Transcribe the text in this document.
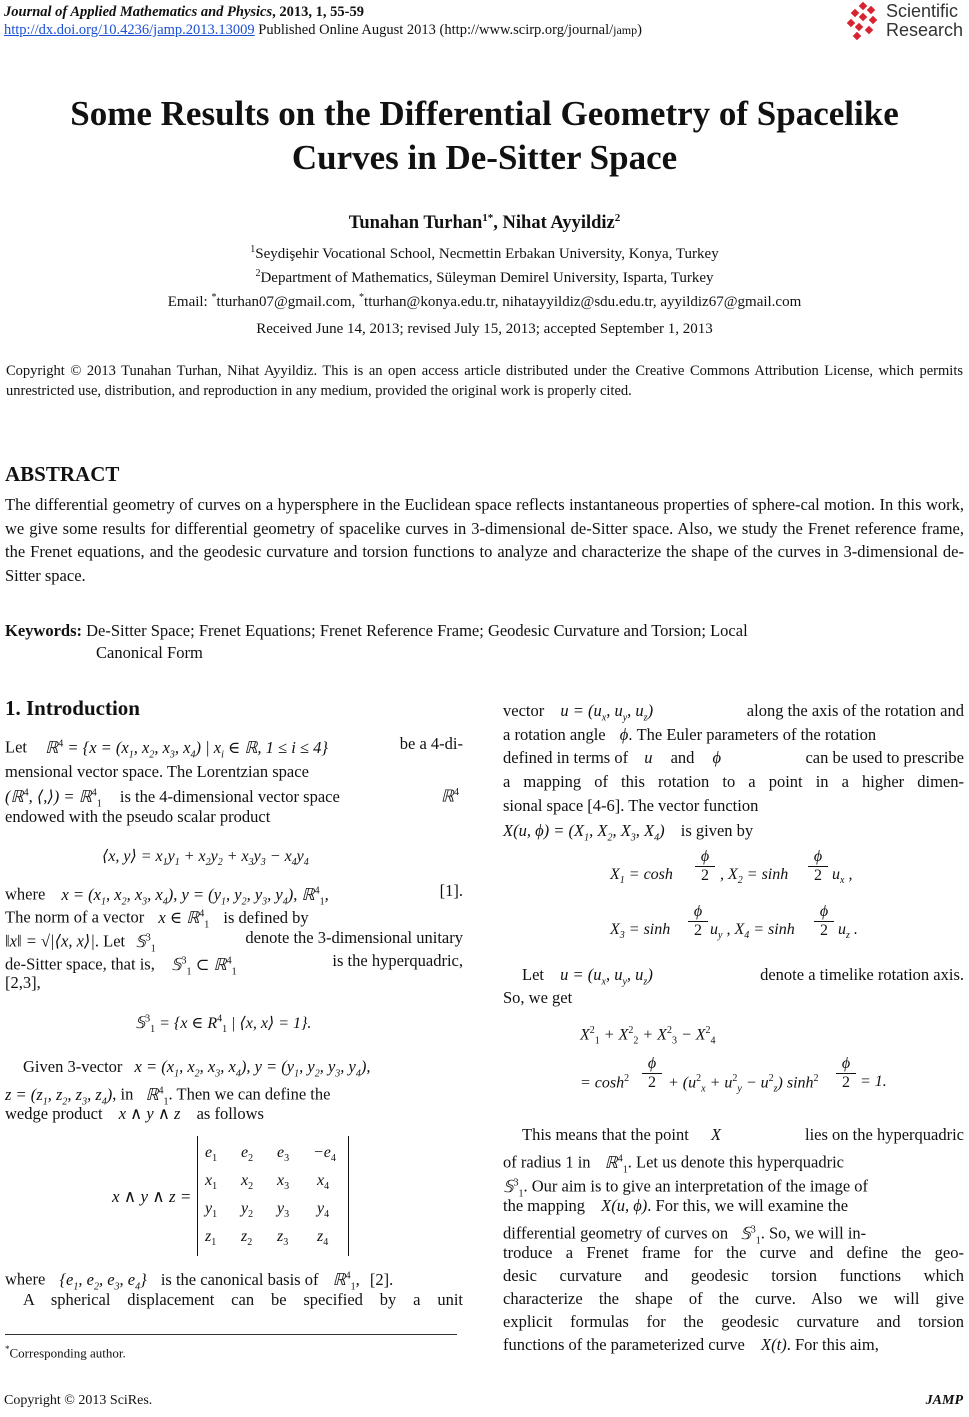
Journal of Applied Mathematics and Physics, 2013, 1, 55-59
http://dx.doi.org/10.4236/jamp.2013.13009 Published Online August 2013 (http://www.scirp.org/journal/jamp)
Scientific
Research
Some Results on the Differential Geometry of Spacelike
Curves in De-Sitter Space
Tunahan Turhan$^{1*}$, Nihat Ayyildiz$^2$
$^1$Seydişehir Vocational School, Necmettin Erbakan University, Konya, Turkey
$^2$Department of Mathematics, Süleyman Demirel University, Isparta, Turkey
Email: *tturhan07@gmail.com, *tturhan@konya.edu.tr, nihatayyildiz@sdu.edu.tr, ayyildiz67@gmail.com
Received June 14, 2013; revised July 15, 2013; accepted September 1, 2013
Copyright © 2013 Tunahan Turhan, Nihat Ayyildiz. This is an open access article distributed under the Creative Commons Attribution License, which permits unrestricted use, distribution, and reproduction in any medium, provided the original work is properly cited.
ABSTRACT
The differential geometry of curves on a hypersphere in the Euclidean space reflects instantaneous properties of sphere-cal motion. In this work, we give some results for differential geometry of spacelike curves in 3-dimensional de-Sitter space. Also, we study the Frenet reference frame, the Frenet equations, and the geodesic curvature and torsion functions to analyze and characterize the shape of the curves in 3-dimensional de-Sitter space.
Keywords: De-Sitter Space; Frenet Equations; Frenet Reference Frame; Geodesic Curvature and Torsion; Local
Canonical Form
1. Introduction
Let ℝ$^4$ = {$x = (x_1$, $x_2$, $x_3$, $x_4$) | $x_i$ ∈ ℝ, 1 ≤ i ≤ 4}	be a 4-di-
mensional vector space. The Lorentzian space
(ℝ$^4$, ⟨,⟩) = ℝ$^4_1$ is the 4-dimensional vector space	ℝ$^4$
endowed with the pseudo scalar product
⟨x, y⟩ = $x_1y_1 + x_2y_2 + x_3y_3 - x_4y_4$
where $x = (x_1$, $x_2$, $x_3$, $x_4$), $y = (y_1$, $y_2$, $y_3$, $y_4$), ℝ$^4_1$,	[1].
The norm of a vector x ∈ ℝ$^4_1$ is defined by
‖x‖ = √|⟨x, x⟩|. Let 𝕊$^3_1$
denote the 3-dimensional unitary
de-Sitter space, that is, 𝕊$^3_1$ ⊂ ℝ$^4_1$
is the hyperquadric,
[2,3],
𝕊$^3_1$ = {x ∈ $R^4_1$ | ⟨x, x⟩ = 1}.
Given 3-vector $x = (x_1$, $x_2$, $x_3$, $x_4$), $y = (y_1$, $y_2$, $y_3$, $y_4$),
$z = (z_1$, $z_2$, $z_3$, $z_4$), in ℝ$^4_1$. Then we can define the
wedge product x ∧ y ∧ z as follows
x ∧ y ∧ z =
$e_1$	$e_2$	$e_3$	$-e_4$
$x_1$	$x_2$	$x_3$	$x_4$
$y_1$	$y_2$	$y_3$	$y_4$
$z_1$	$z_2$	$z_3$	$z_4$
where {$e_1$, $e_2$, $e_3$, $e_4$} is the canonical basis of ℝ$^4_1$, [2].
A spherical displacement can be specified by a unit
*Corresponding author.
vector $u = (u_x$, $u_y$, $u_z$)	along the axis of the rotation and
a rotation angle ϕ. The Euler parameters of the rotation
defined in terms of u and ϕ	can be used to prescribe
a mapping of this rotation to a point in a higher dimen-
sional space [4-6]. The vector function
X(u, $\phi) = (X_1$, $X_2$, $X_3$, $X_4$) is given by
$X_1 = \cosh$
ϕ
2 , $X_2 = \sinh$
ϕ
2 $u_x$ ,
$X_3 = \sinh$
ϕ
2 $u_y$ , $X_4 = \sinh$
ϕ
2 $u_z$ .
Let $u = (u_x$, $u_y$, $u_z$)	denote a timelike rotation axis.
So, we get
$X^2_1 + X^2_2 + X^2_3 - X^2_4$
= $\cosh^2$
ϕ
$2 + (u^2_x + u^2_y - u^2_z)$ $\sinh^2$
ϕ
2 = 1.
This means that the point X	lies on the hyperquadric
of radius 1 in ℝ$^4_1$. Let us denote this hyperquadric
𝕊$^3_1$. Our aim is to give an interpretation of the image of
the mapping X(u, ϕ). For this, we will examine the
differential geometry of curves on 𝕊$^3_1$. So, we will in-
troduce a Frenet frame for the curve and define the geo-
desic curvature and geodesic torsion functions which
characterize the shape of the curve. Also we will give
explicit formulas for the geodesic curvature and torsion
functions of the parameterized curve X(t). For this aim,
Copyright © 2013 SciRes.	JAMP
